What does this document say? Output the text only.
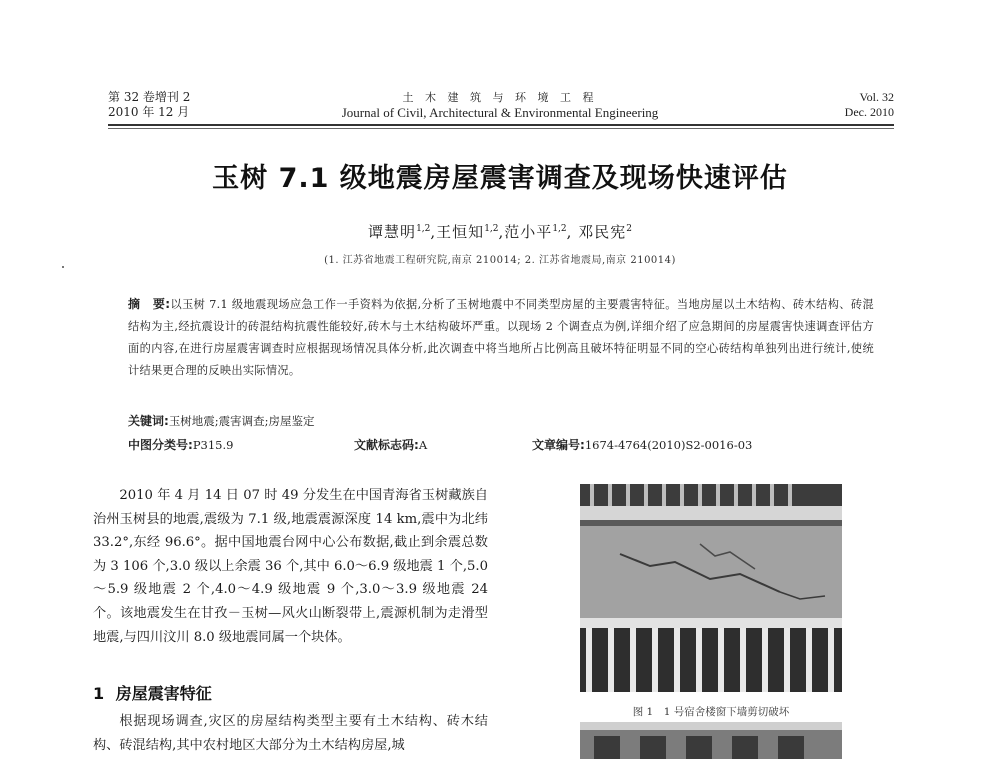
第 32 卷增刊 2
2010 年 12 月
土 木 建 筑 与 环 境 工 程
Journal of Civil, Architectural & Environmental Engineering
Vol. 32
Dec. 2010
玉树 7.1 级地震房屋震害调查及现场快速评估
谭慧明$^{1,2}$,王恒知$^{1,2}$,范小平$^{1,2}$, 邓民宪$^2$
(1. 江苏省地震工程研究院,南京 210014; 2. 江苏省地震局,南京 210014)
摘　要:以玉树 7.1 级地震现场应急工作一手资料为依据,分析了玉树地震中不同类型房屋的主要震害特征。当地房屋以土木结构、砖木结构、砖混结构为主,经抗震设计的砖混结构抗震性能较好,砖木与土木结构破坏严重。以现场 2 个调查点为例,详细介绍了应急期间的房屋震害快速调查评估方面的内容,在进行房屋震害调查时应根据现场情况具体分析,此次调查中将当地所占比例高且破坏特征明显不同的空心砖结构单独列出进行统计,使统计结果更合理的反映出实际情况。
关键词:玉树地震;震害调查;房屋鉴定
中图分类号:P315.9	文献标志码:A	文章编号:1674-4764(2010)S2-0016-03

2010 年 4 月 14 日 07 时 49 分发生在中国青海省玉树藏族自治州玉树县的地震,震级为 7.1 级,地震震源深度 14 km,震中为北纬 33.2°,东经 96.6°。据中国地震台网中心公布数据,截止到余震总数为 3 106 个,3.0 级以上余震 36 个,其中 6.0～6.9 级地震 1 个,5.0～5.9 级地震 2 个,4.0～4.9 级地震 9 个,3.0～3.9 级地震 24 个。该地震发生在甘孜－玉树—风火山断裂带上,震源机制为走滑型地震,与四川汶川 8.0 级地震同属一个块体。

1 房屋震害特征

根据现场调查,灾区的房屋结构类型主要有土木结构、砖木结构、砖混结构,其中农村地区大部分为土木结构房屋,城

图 1　1 号宿舍楼窗下墙剪切破坏
